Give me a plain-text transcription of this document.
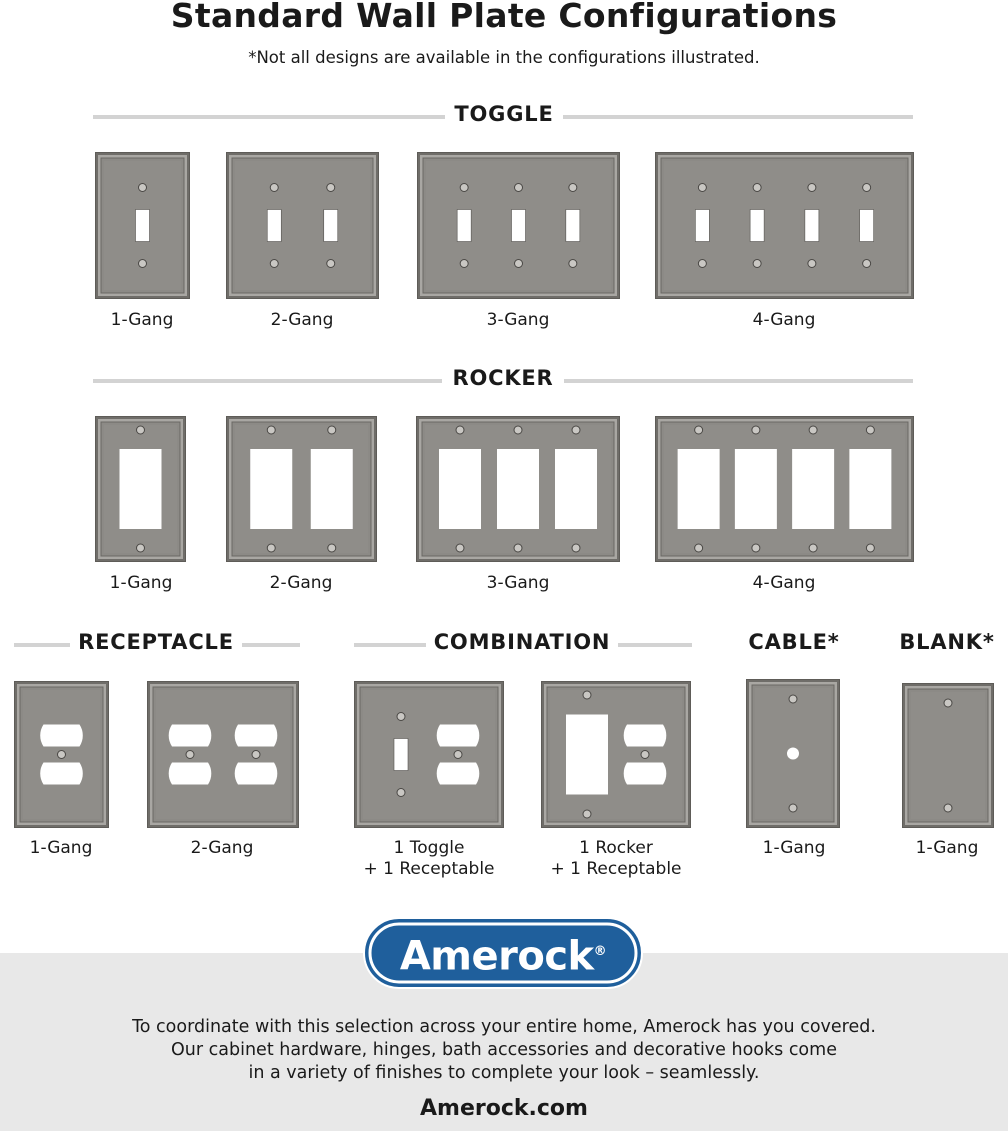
Standard Wall Plate Configurations
*Not all designs are available in the configurations illustrated.
TOGGLE
1-Gang	2-Gang	3-Gang	4-Gang
ROCKER
1-Gang	2-Gang	3-Gang	4-Gang
RECEPTACLE	COMBINATION	CABLE*	BLANK*
1-Gang	2-Gang	1 Toggle
+ 1 Receptable
1 Rocker
+ 1 Receptable
1-Gang	1-Gang
Amerock®
To coordinate with this selection across your entire home, Amerock has you covered.
Our cabinet hardware, hinges, bath accessories and decorative hooks come
in a variety of finishes to complete your look – seamlessly.
Amerock.com
